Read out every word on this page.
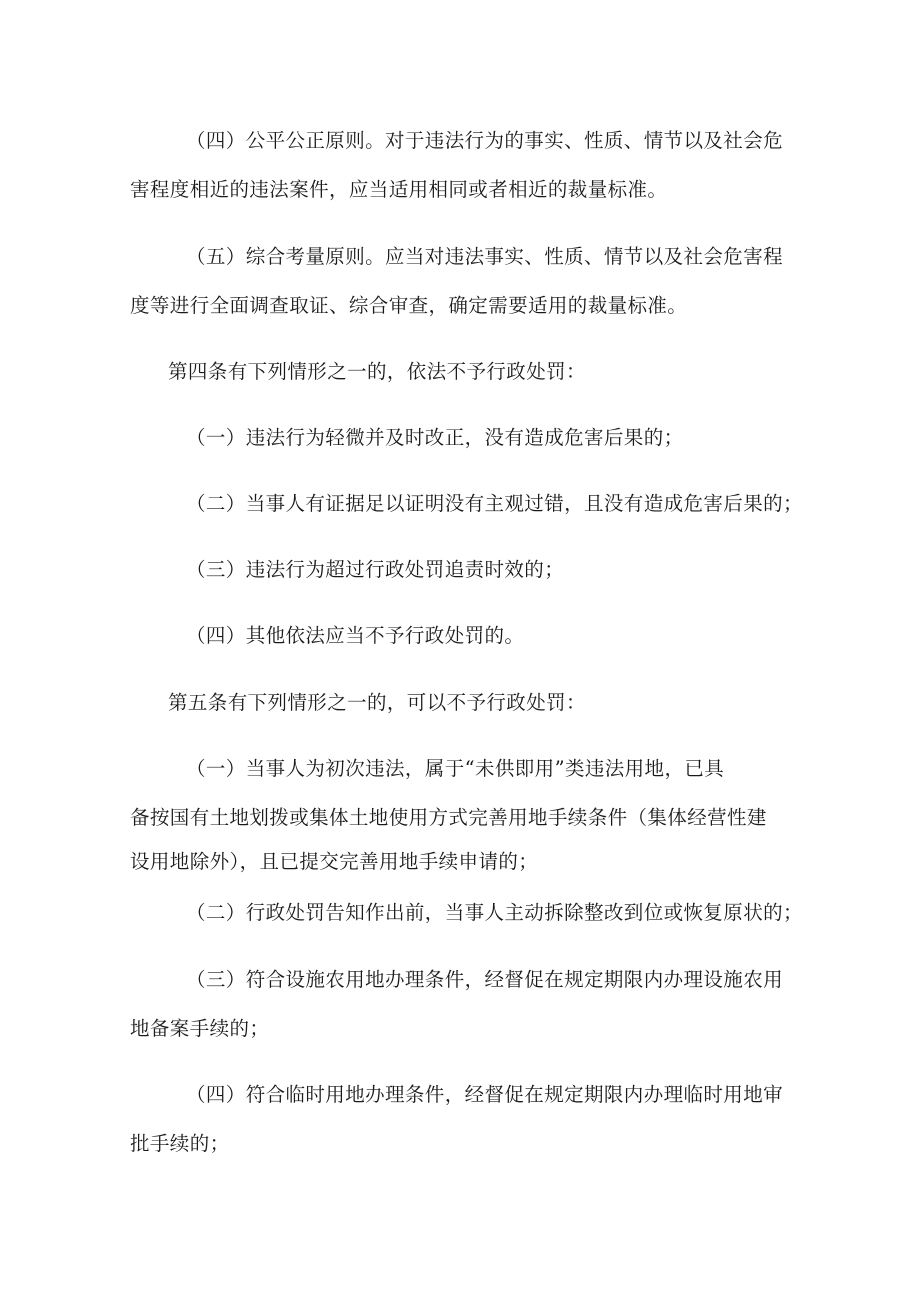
（四）公平公正原则。对于违法行为的事实、性质、情节以及社会危
害程度相近的违法案件，应当适用相同或者相近的裁量标准。
（五）综合考量原则。应当对违法事实、性质、情节以及社会危害程
度等进行全面调查取证、综合审查，确定需要适用的裁量标准。
第四条有下列情形之一的，依法不予行政处罚：
（一）违法行为轻微并及时改正，没有造成危害后果的；
（二）当事人有证据足以证明没有主观过错，且没有造成危害后果的；
（三）违法行为超过行政处罚追责时效的；
（四）其他依法应当不予行政处罚的。
第五条有下列情形之一的，可以不予行政处罚：
（一）当事人为初次违法，属于“未供即用”类违法用地，已具
备按国有土地划拨或集体土地使用方式完善用地手续条件（集体经营性建
设用地除外），且已提交完善用地手续申请的；
（二）行政处罚告知作出前，当事人主动拆除整改到位或恢复原状的；
（三）符合设施农用地办理条件，经督促在规定期限内办理设施农用
地备案手续的；
（四）符合临时用地办理条件，经督促在规定期限内办理临时用地审
批手续的；
